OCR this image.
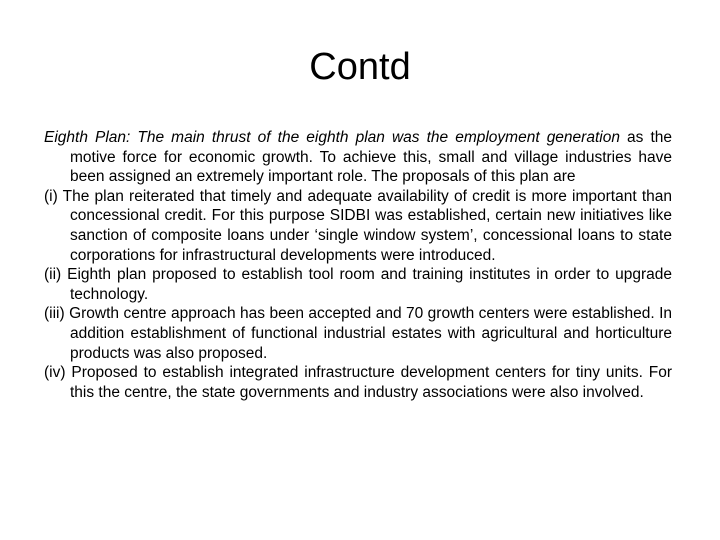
Contd

Eighth Plan: The main thrust of the eighth plan was the employment generation as the motive force for economic growth. To achieve this, small and village industries have been assigned an extremely important role. The proposals of this plan are

(i) The plan reiterated that timely and adequate availability of credit is more important than concessional credit. For this purpose SIDBI was established, certain new initiatives like sanction of composite loans under ‘single window system’, concessional loans to state corporations for infrastructural developments were introduced.

(ii) Eighth plan proposed to establish tool room and training institutes in order to upgrade technology.

(iii) Growth centre approach has been accepted and 70 growth centers were established. In addition establishment of functional industrial estates with agricultural and horticulture products was also proposed.

(iv) Proposed to establish integrated infrastructure development centers for tiny units. For this the centre, the state governments and industry associations were also involved.
